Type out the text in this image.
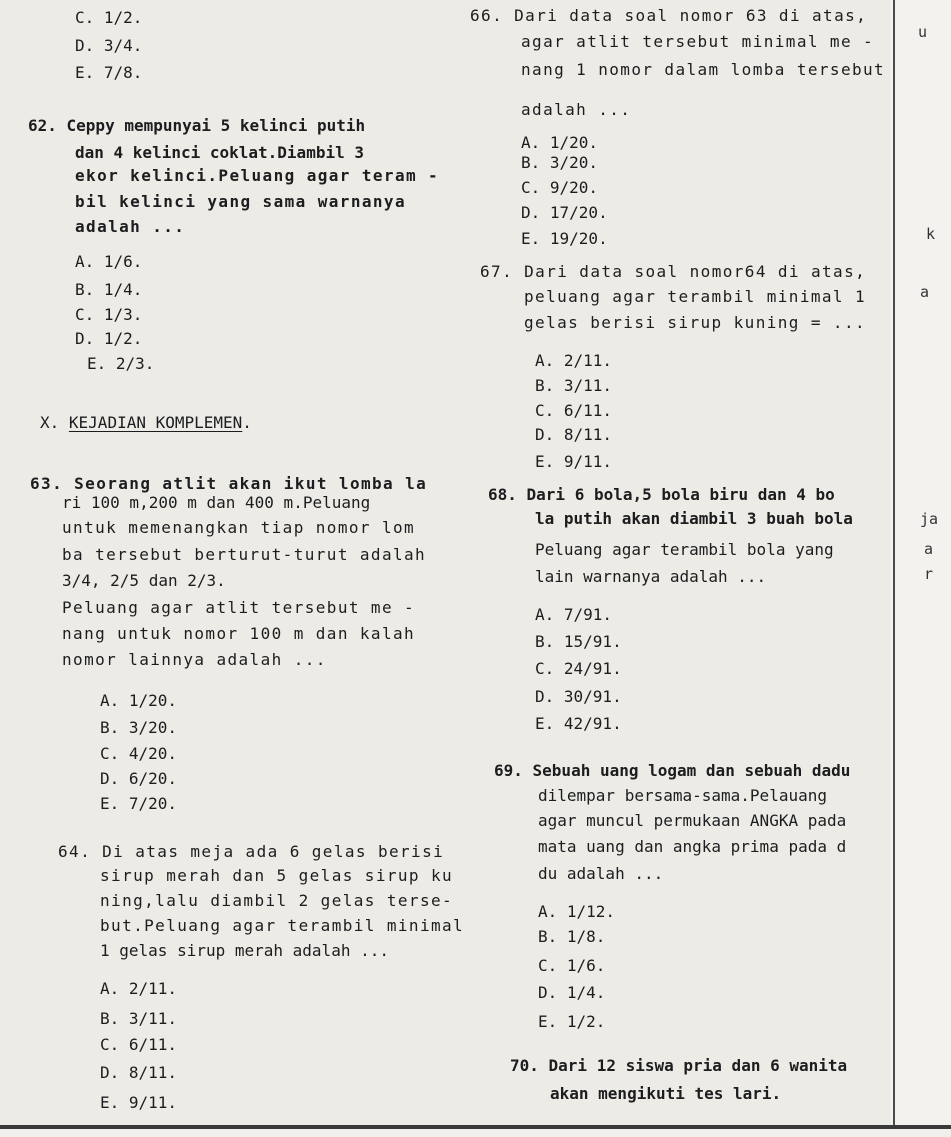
C. 1/2.
D. 3/4.
E. 7/8.
62. Ceppy mempunyai 5 kelinci putih
dan 4 kelinci coklat.Diambil 3
ekor kelinci.Peluang agar teram -
bil kelinci yang sama warnanya
adalah ...
A. 1/6.
B. 1/4.
C. 1/3.
D. 1/2.
E. 2/3.
X. KEJADIAN KOMPLEMEN.
63. Seorang atlit akan ikut lomba la
ri 100 m,200 m dan 400 m.Peluang
untuk memenangkan tiap nomor lom
ba tersebut berturut-turut adalah
3/4, 2/5 dan 2/3.
Peluang agar atlit tersebut me -
nang untuk nomor 100 m dan kalah
nomor lainnya adalah ...
A. 1/20.
B. 3/20.
C. 4/20.
D. 6/20.
E. 7/20.
64. Di atas meja ada 6 gelas berisi
sirup merah dan 5 gelas sirup ku
ning,lalu diambil 2 gelas terse-
but.Peluang agar terambil minimal
1 gelas sirup merah adalah ...
A. 2/11.
B. 3/11.
C. 6/11.
D. 8/11.
E. 9/11.
66. Dari data soal nomor 63 di atas,
agar atlit tersebut minimal me -
nang 1 nomor dalam lomba tersebut
adalah ...
A. 1/20.
B. 3/20.
C. 9/20.
D. 17/20.
E. 19/20.
67. Dari data soal nomor64 di atas,
peluang agar terambil minimal 1
gelas berisi sirup kuning = ...
A. 2/11.
B. 3/11.
C. 6/11.
D. 8/11.
E. 9/11.
68. Dari 6 bola,5 bola biru dan 4 bo
la putih akan diambil 3 buah bola
Peluang agar terambil bola yang
lain warnanya adalah ...
A. 7/91.
B. 15/91.
C. 24/91.
D. 30/91.
E. 42/91.
69. Sebuah uang logam dan sebuah dadu
dilempar bersama-sama.Pelauang
agar muncul permukaan ANGKA pada
mata uang dan angka prima pada d
du adalah ...
A. 1/12.
B. 1/8.
C. 1/6.
D. 1/4.
E. 1/2.
70. Dari 12 siswa pria dan 6 wanita
akan mengikuti tes lari.
u
k
a
ja
a
r
